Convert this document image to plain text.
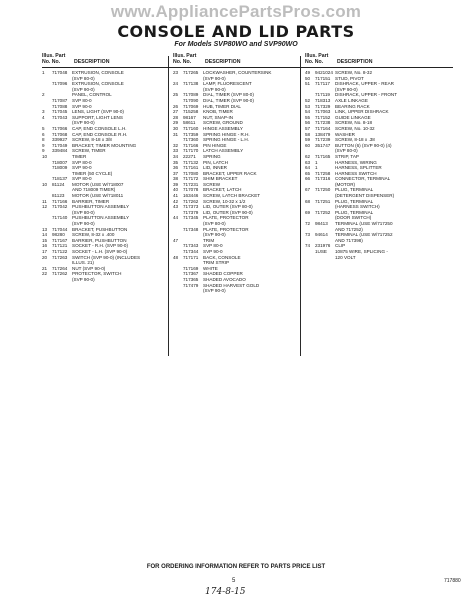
www.AppliancePartsPros.com
CONSOLE AND LID PARTS
For Models SVP80WO and SVP90WO
Illus. Part
No. No.	DESCRIPTION
1	717048	EXTRUSION, CONSOLE
(SVP 80-0)
717096	EXTRUSION, CONSOLE
(SVP 90-0)
2	PANEL, CONTROL
717087	SVP 80-0
717088	SVP 90-0
3	717045	LENS, LIGHT (SVP 90-0)
4	717043	SUPPORT, LIGHT LENS
(SVP 90-0)
5	717066	CAP, END CONSOLE L.H.
6	717068	CAP, END CONSOLE R.H.
8	339927	SCREW, 8-18 x 3/8
9	717049	BRACKET, TIMER MOUNTING
9	339484	SCREW, TIMER
10	TIMER
718007	SVP 80-0
718009	SVP 90-0
TIMER (50 CYCLE)
718137	SVP 80-0
10	81124	MOTOR (USE W/718007
AND 718009 TIMER)
81123	MOTOR (USE W/718011
11	717166	BARRIER, TIMER
12	717042	PUSHBUTTON ASSEMBLY
(SVP 80-0)
717140	PUSHBUTTON ASSEMBLY
(SVP 90-0)
13	717044	BRACKET, PUSHBUTTON
14	98280	SCREW, 8-32 x .400
15	717167	BARRIER, PUSHBUTTON
16	717121	SOCKET - R.H. (SVP 90-0)
17	717122	SOCKET - L.H. (SVP 90-0)
20	717263	SWITCH (SVP 90-0) (INCLUDES
ILLUS. 21)
21	717264	NUT (SVP 90-0)
22	717262	PROTECTOR, SWITCH
(SVP 90-0)
Illus. Part
No. No.	DESCRIPTION
23	717265	LOCKWASHER, COUNTERSINK
(SVP 90-0)
24	717138	LAMP, FLUORESCENT
(SVP 90-0)
25	717089	DIAL, TIMER (SVP 80-0)
717090	DIAL, TIMER (SVP 90-0)
26	717069	HUB, TIMER DIAL
27	715258	KNOB, TIMER
28	98167	NUT, SNAP-IN
29	58611	SCREW, GROUND
30	717160	HINGE ASSEMBLY
31	717359	SPRING HINGE - R.H.
717360	SPRING HINGE - L.H.
32	717166	PIN HINGE
33	717170	LATCH ASSEMBLY
34	22271	SPRING
35	717132	PIN, LATCH
36	717161	LID, INNER
37	717080	BRACKET, UPPER RACK
38	717172	SHIM BRACKET
39	717231	SCREW
40	717078	BRACKET, LATCH
41	163446	SCREW, LATCH BRACKET
42	717262	SCREW, 10-32 x 1/2
43	717373	LID, OUTER (SVP 80-0)
717379	LID, OUTER (SVP 90-0)
44	717345	PLATE, PROTECTOR
(SVP 80-0)
717348	PLATE, PROTECTOR
(SVP 90-0)
47	TRIM
717343	SVP 80-0
717344	SVP 90-0
48	717171	BACK, CONSOLE
TRIM STRIP
717169	WHITE
717367	SHADED COPPER
717365	SHADED AVOCADO
717479	SHADED HARVEST GOLD
(SVP 90-0)
Illus. Part
No. No.	DESCRIPTION
49	9421024 SCREW, No. 8-32
50	717151	STUD, PIVOT
51	717117	DISHRACK, UPPER - REAR
(SVP 90-0)
717119	DISHRACK, UPPER - FRONT
52	718313	AXLE LINKAGE
53	717329	BEARING RACK
54	717063	LINK, UPPER DISHRACK
55	717152	GUIDE LINKAGE
56	717238	SCREW, No. 8-18
57	717164	SCREW, No. 10-32
58	138479	WASHER
59	717239	SCREW, 8-18 x .38
60	351747	BUTTON (6) (SVP 90-0) (4)
(SVP 80-0)
62	717165	STRIP, TAP
63	1	HARNESS, WIRING
64	1	HARNESS, SPLITTER
65	717258	HARNESS SWITCH
66	717316	CONNECTOR, TERMINAL
(MOTOR)
67	717250	PLUG, TERMINAL
(DETERGENT DISPENSER)
68	717251	PLUG, TERMINAL
(HARNESS SWITCH)
69	717252	PLUG, TERMINAL
(DOOR SWITCH)
72	98413	TERMINAL (USE W/717250
AND 717252)
73	94614	TERMINAL (USE W/717252
AND 717398)
74	231976	CLIP
1USE	10875 WIRE, SPLICING -
120 VOLT
FOR ORDERING INFORMATION REFER TO PARTS PRICE LIST
5	717880
174-8-15
